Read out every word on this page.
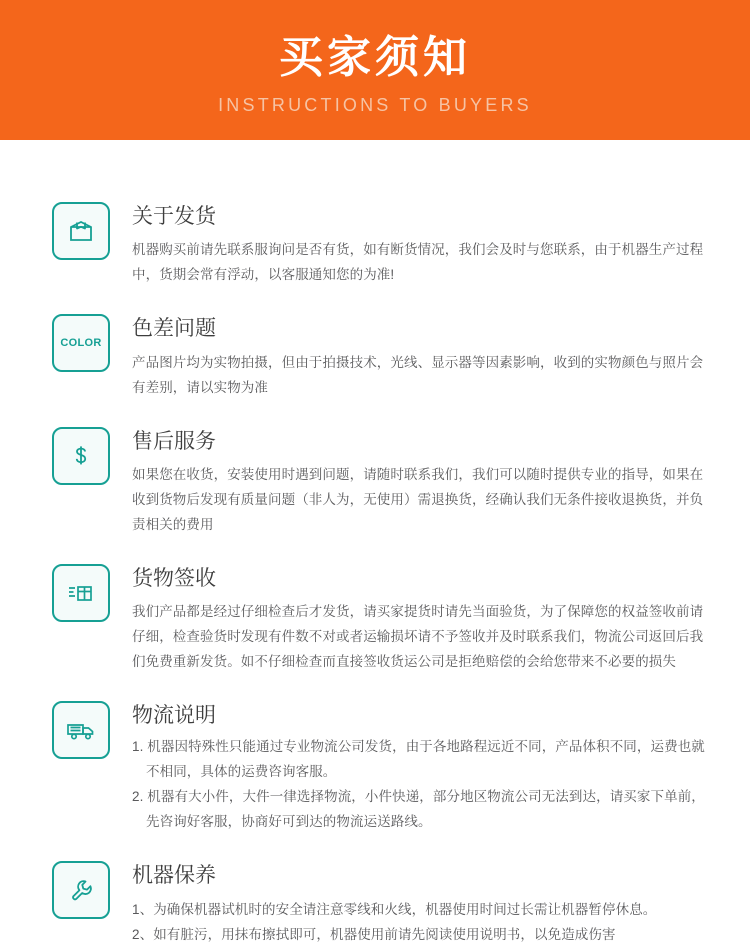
买家须知
INSTRUCTIONS TO BUYERS
关于发货

机器购买前请先联系服询问是否有货，如有断货情况，我们会及时与您联系，由于机器生产过程中，货期会常有浮动，以客服通知您的为准!

COLOR
色差问题

产品图片均为实物拍摄，但由于拍摄技术，光线、显示器等因素影响，收到的实物颜色与照片会有差别，请以实物为准

售后服务

如果您在收货，安装使用时遇到问题，请随时联系我们，我们可以随时提供专业的指导，如果在收到货物后发现有质量问题（非人为，无使用）需退换货，经确认我们无条件接收退换货，并负责相关的费用

货物签收

我们产品都是经过仔细检查后才发货，请买家提货时请先当面验货，为了保障您的权益签收前请仔细，检查验货时发现有件数不对或者运输损坏请不予签收并及时联系我们，物流公司返回后我们免费重新发货。如不仔细检查而直接签收货运公司是拒绝赔偿的会给您带来不必要的损失

物流说明

1. 机器因特殊性只能通过专业物流公司发货，由于各地路程远近不同，产品体积不同，运费也就不相同，具体的运费咨询客服。

2. 机器有大小件，大件一律选择物流，小件快递，部分地区物流公司无法到达，请买家下单前，先咨询好客服，协商好可到达的物流运送路线。

机器保养

1、为确保机器试机时的安全请注意零线和火线，机器使用时间过长需让机器暂停休息。

2、如有脏污，用抹布擦拭即可，机器使用前请先阅读使用说明书，以免造成伤害
